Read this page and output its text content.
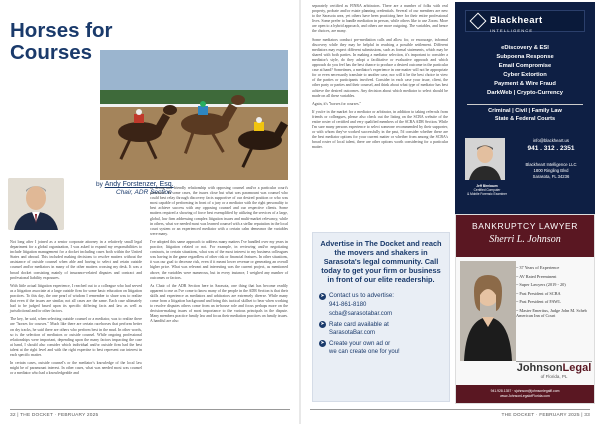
Horses for Courses
by Andy Forstenzer, Esq.
Chair, ADR Section

Not long after I joined as a senior corporate attorney in a relatively small legal department for a global organization, I was asked to expand my responsibilities to include litigation management for a docket including cases both within the United States and abroad. This included making decisions to resolve matters without the assistance of outside counsel when able and having to select and retain outside counsel and/or mediators in many of the other matters crossing my desk. It was a broad docket consisting mainly of insurance-related disputes and contract and professional liability exposures.

With little actual litigation experience, I reached out to a colleague who had served as a litigation associate at a large outside firm for some basic education on litigation practices. To this day, the one pearl of wisdom I remember to share was to realize that even if the issues are similar, not all cases are the same. Each case ultimately had to be judged based upon its specific differing facts and law as well as jurisdictional and/or other factors.

The key, he said, when selecting outside counsel or a mediator, was to realize there are "horses for courses." Much like there are certain racehorses that perform better on dry tracks, he said there are others who perform best in the mud. In other words, so is the selection of mediators or outside counsel. While ongoing professional relationships were important, depending upon the many factors impacting the case at hand, I should also consider which individual and/or outside firm had the best talent at the right level and with the right expertise to best represent our interest in each specific matter.

In certain cases, outside counsel's or the mediator's knowledge of the local law might be of paramount interest. In other cases, what was needed most was counsel or a mediator who had a knowledgeable and

or strong and friendly relationship with opposing counsel and/or a particular court's personnel. In some cases, the issues close but what was paramount was counsel who could best relay through discovery facts supportive of our desired position or who was most capable of performing in front of a jury or a mediator with the right personality to best achieve success with any opposing counsel and our respective clients. Some matters required a showing of force best exemplified by utilizing the services of a large, global, law firm addressing complex litigation issues and multi-market relevancy, while in others, what we needed most was learned counsel with a stellar reputation in the local court system or an experienced mediator with a certain calm demeanor the variables were many.

I've adopted this same approach to address many matters I've handled over my years in practice, litigation related or not. For example, in reviewing and/or negotiating contracts, in certain situations, what was of the most interest to my business colleagues was having in the game regardless of other risk or financial features. In other situations, it was our goal to decrease risk, even if it meant lower revenue or generating an overall higher price. What was relevant and interesting was the current project, as mentioned above, the variables were numerous, but in every instance, I weighed any number of outcomes or factors.

As Chair of the ADR Section here in Sarasota, one thing that has become readily apparent to me as I've come to know many of the people in the ADR Section is that their skills and experience as mediators and arbitrators are extremely diverse. While many come from a litigation background and bring this tactical skillset to bear when working to resolve disputes others come from an in-house role and focus perhaps more on the decision-making issues of most importance to the various principals in the dispute. Many members practice family law and focus their mediation practices on family issues. A handful are also

32 | THE DOCKET · FEBRUARY 2025

separately certified as FINRA arbitrators. There are a number of folks with real property, probate and/or estate planning credentials. Several of our members are new to the Sarasota area, yet others have been practicing here for their entire professional lives. Some prefer to handle mediation in person, while others like to use Zoom. More are open to a hybrid approach, and others are more outgoing. The variables, and hence the choices, are many.

Some mediators conduct pre-mediation calls and allow for, or encourage, informal discovery while they may be helpful in reaching a possible settlement. Different mediators may expect different submissions, such as formal statements, which may be shared with both parties. In making a mediator selection, it's important to consider a mediator's style, do they adopt a facilitative or evaluative approach and which approach do you feel has the best chance to produce a desired outcome in the particular case at hand? Sometimes, a mediator's experience in one matter will not be appropriate for or even necessarily translate to another case, nor will it be the best choice in view of the parties or participants involved. Consider in each case your issue, client, the other party or parties and their counsel, and think about what type of mediator has best achieve the desired outcomes. Any decision about which mediator to select should be made on all these variables.

Again, it's "horses for courses."

If you're in the market for a mediator or arbitrator, in addition to taking referrals from friends or colleagues, please also check out the listing on the SCBA website of the entire roster of certified and very qualified members of the SCBA ADR Section. While I'm sure many persons experience to select someone recommended by their supporter, or with whom they've worked successfully in the past, I'd consider whether these are the best mediator options for your current matter or whether from among the SCBA's broad roster of local talent, there are other options worth considering for a particular matter.

Advertise in The Docket and reach the movers and shakers in Sarasota's legal community. Call today to get your firm or business in front of our elite readership.
➤ Contact us to advertise:
941-861-8180
scba@sarasotabar.com
➤ Rate card available at
SarasotaBar.com
➤ Create your own ad or
we can create one for you!
Blackheart
INTELLIGENCE
eDiscovery & ESI
Subpoena Response
Email Compromise
Cyber Extortion
Payment & Wire Fraud
DarkWeb | Crypto-Currency
Criminal | Civil | Family Law
State & Federal Courts
info@blackheart.us
941 . 312 . 2351
Blackheart Intelligence LLC
1800 Ringling Blvd
Sarasota, FL 34236
Jeff Birnbaum
Certified Computer
& Mobile Forensic Examiner
BANKRUPTCY LAWYER
Sherri L. Johnson
~ 37 Years of Experience
~ AV Rated Preeminent
~ Super Lawyers (2019 - 20)
~ Past President of SCBA
~ Past President of FAWL
~ Master Emeritus, Judge John M. Scheb American Inn of Court
JohnsonLegal
of Florida, PL
941.928.1357 · sjohnson@johnsonlegalfl.com
www.JohnsonLegalofFlorida.com
THE DOCKET · FEBRUARY 2025 | 33
